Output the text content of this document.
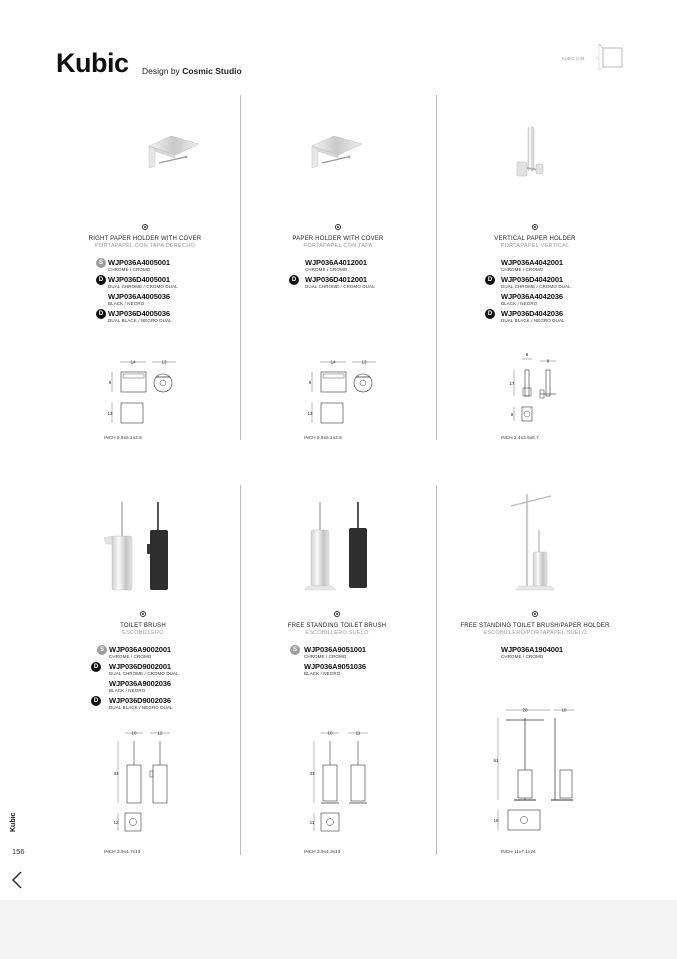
Kubic Design by Cosmic Studio
KuBiC C.M.
RIGHT PAPER HOLDER WITH COVER
PORTAPAPEL CON TAPA DERECHO
S WJP036A4005001
CHROME / CROMO
D WJP036D4005001
DUAL CHROME / CROMO DUAL
WJP036A4005036
BLACK / NEGRO
D WJP036D4005036
DUAL BLACK / NEGRO DUAL
14	13
9
13
INCH 5.5x5.1x3.5
PAPER HOLDER WITH COVER
PORTAPAPEL CON TAPA
WJP036A4012001
CHROME / CROMO
D	WJP036D4012001
DUAL CHROME / CROMO DUAL
14	13
9
13
INCH 5.5x5.1x3.5
VERTICAL PAPER HOLDER
PORTAPAPEL VERTICAL
WJP036A4042001
CHROME / CROMO
D	WJP036D4042001
DUAL CHROME / CROMO DUAL
WJP036A4042036
BLACK / NEGRO
D	WJP036D4042036
DUAL BLACK / NEGRO DUAL
6
9
17
9
INCH 2.4x3.5x6.7
TOILET BRUSH
ESCOBILLERO
S WJP036A9002001
CHROME / CROMO
D	WJP036D9002001
DUAL CHROME / CROMO DUAL
WJP036A9002036
BLACK / NEGRO
D	WJP036D9002036
DUAL BLACK / NEGRO DUAL
10	12
33
12
INCH 3.9x4.7x13
FREE STANDING TOILET BRUSH
ESCOBILLERO SUELO
S WJP036A9051001
CHROME / CROMO
WJP036A9051036
BLACK / NEGRO
10	11
33
11
INCH 3.9x4.3x13
FREE STANDING TOILET BRUSH/PAPER HOLDER
ESCOBILLERO/PORTAPAPEL SUELO
WJP036A1904001
CHROME / CROMO
28	18
61
18
INCH 11x7.1x24
Kubic
156
